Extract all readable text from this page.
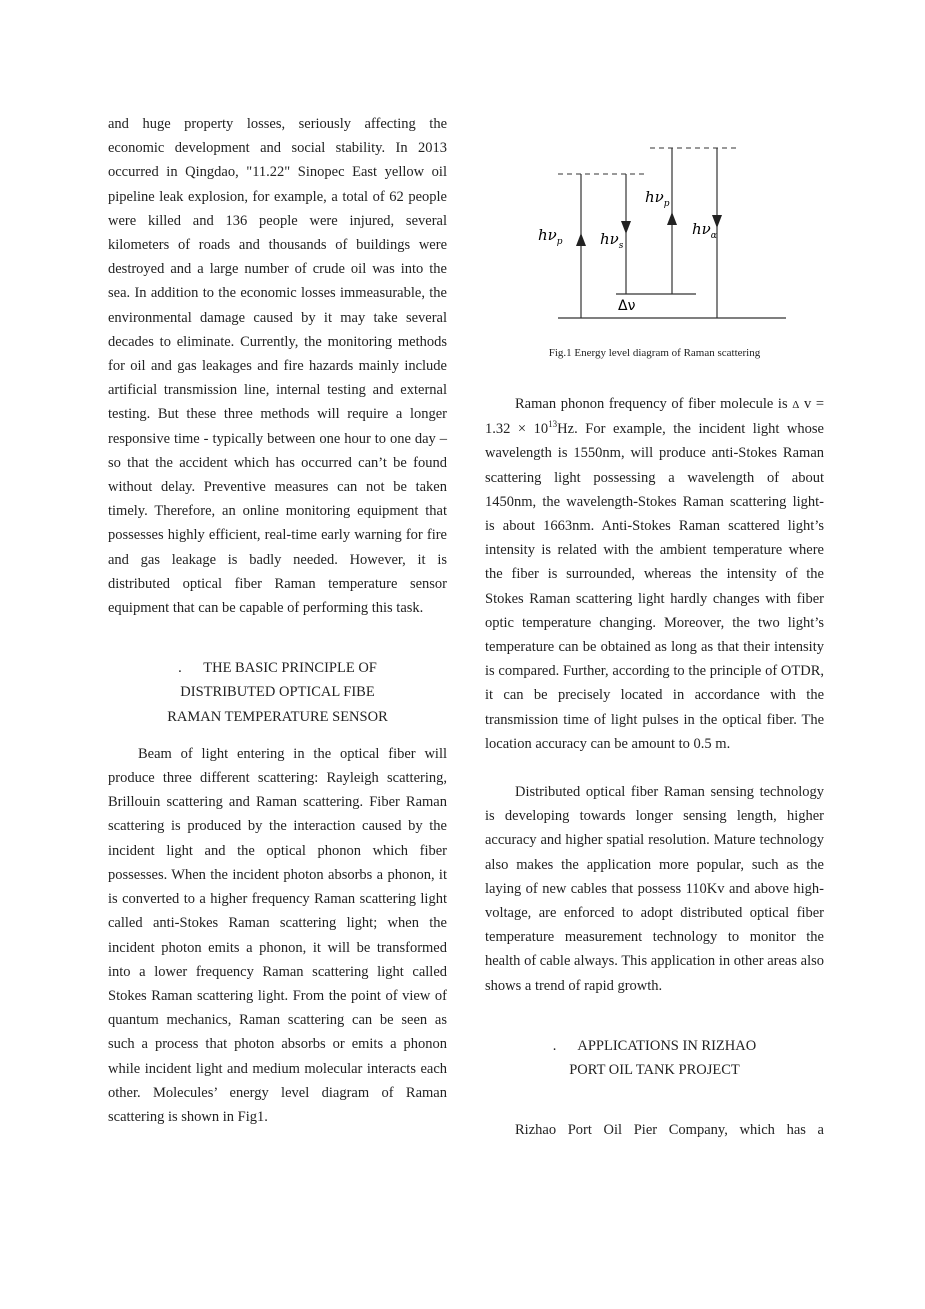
and huge property losses, seriously affecting the economic development and social stability. In 2013 occurred in Qingdao, "11.22" Sinopec East yellow oil pipeline leak explosion, for example, a total of 62 people were killed and 136 people were injured, several kilometers of roads and thousands of buildings were destroyed and a large number of crude oil was into the sea. In addition to the economic losses immeasurable, the environmental damage caused by it may take several decades to eliminate. Currently, the monitoring methods for oil and gas leakages and fire hazards mainly include artificial transmission line, internal testing and external testing. But these three methods will require a longer responsive time - typically between one hour to one day – so that the accident which has occurred can’t be found without delay. Preventive measures can not be taken timely. Therefore, an online monitoring equipment that possesses highly efficient, real-time early warning for fire and gas leakage is badly needed. However, it is distributed optical fiber Raman temperature sensor equipment that can be capable of performing this task.

.      THE BASIC PRINCIPLE OF

DISTRIBUTED OPTICAL FIBE

RAMAN TEMPERATURE SENSOR

Beam of light entering in the optical fiber will produce three different scattering: Rayleigh scattering, Brillouin scattering and Raman scattering. Fiber Raman scattering is produced by the interaction caused by the incident light and the optical phonon which fiber possesses. When the incident photon absorbs a phonon, it is converted to a higher frequency Raman scattering light called anti-Stokes Raman scattering light; when the incident photon emits a phonon, it will be transformed into a lower frequency Raman scattering light called Stokes Raman scattering light. From the point of view of quantum mechanics, Raman scattering can be seen as such a process that photon absorbs or emits a phonon while incident light and medium molecular interacts each other. Molecules’ energy level diagram of Raman scattering is shown in Fig1.

$h\nu_p$ $h\nu_s$
$h\nu_p$
$h\nu_\alpha$
Δν
Fig.1 Energy level diagram of Raman scattering

Raman phonon frequency of fiber molecule is Δ $v = 1.32 \times 10^{13}Hz$. For example, the incident light whose wavelength is 1550nm, will produce anti-Stokes Raman scattering light possessing a wavelength of about 1450nm, the wavelength-Stokes Raman scattering light- is about 1663nm. Anti-Stokes Raman scattered light’s intensity is related with the ambient temperature where the fiber is surrounded, whereas the intensity of the Stokes Raman scattering light hardly changes with fiber optic temperature changing. Moreover, the two light’s temperature can be obtained as long as that their intensity is compared. Further, according to the principle of OTDR, it can be precisely located in accordance with the transmission time of light pulses in the optical fiber. The location accuracy can be amount to 0.5 m.

Distributed optical fiber Raman sensing technology is developing towards longer sensing length, higher accuracy and higher spatial resolution. Mature technology also makes the application more popular, such as the laying of new cables that possess 110Kv and above high-voltage, are enforced to adopt distributed optical fiber temperature measurement technology to monitor the health of cable always. This application in other areas also shows a trend of rapid growth.

.      APPLICATIONS IN RIZHAO

PORT OIL TANK PROJECT

Rizhao Port Oil Pier Company, which has a
